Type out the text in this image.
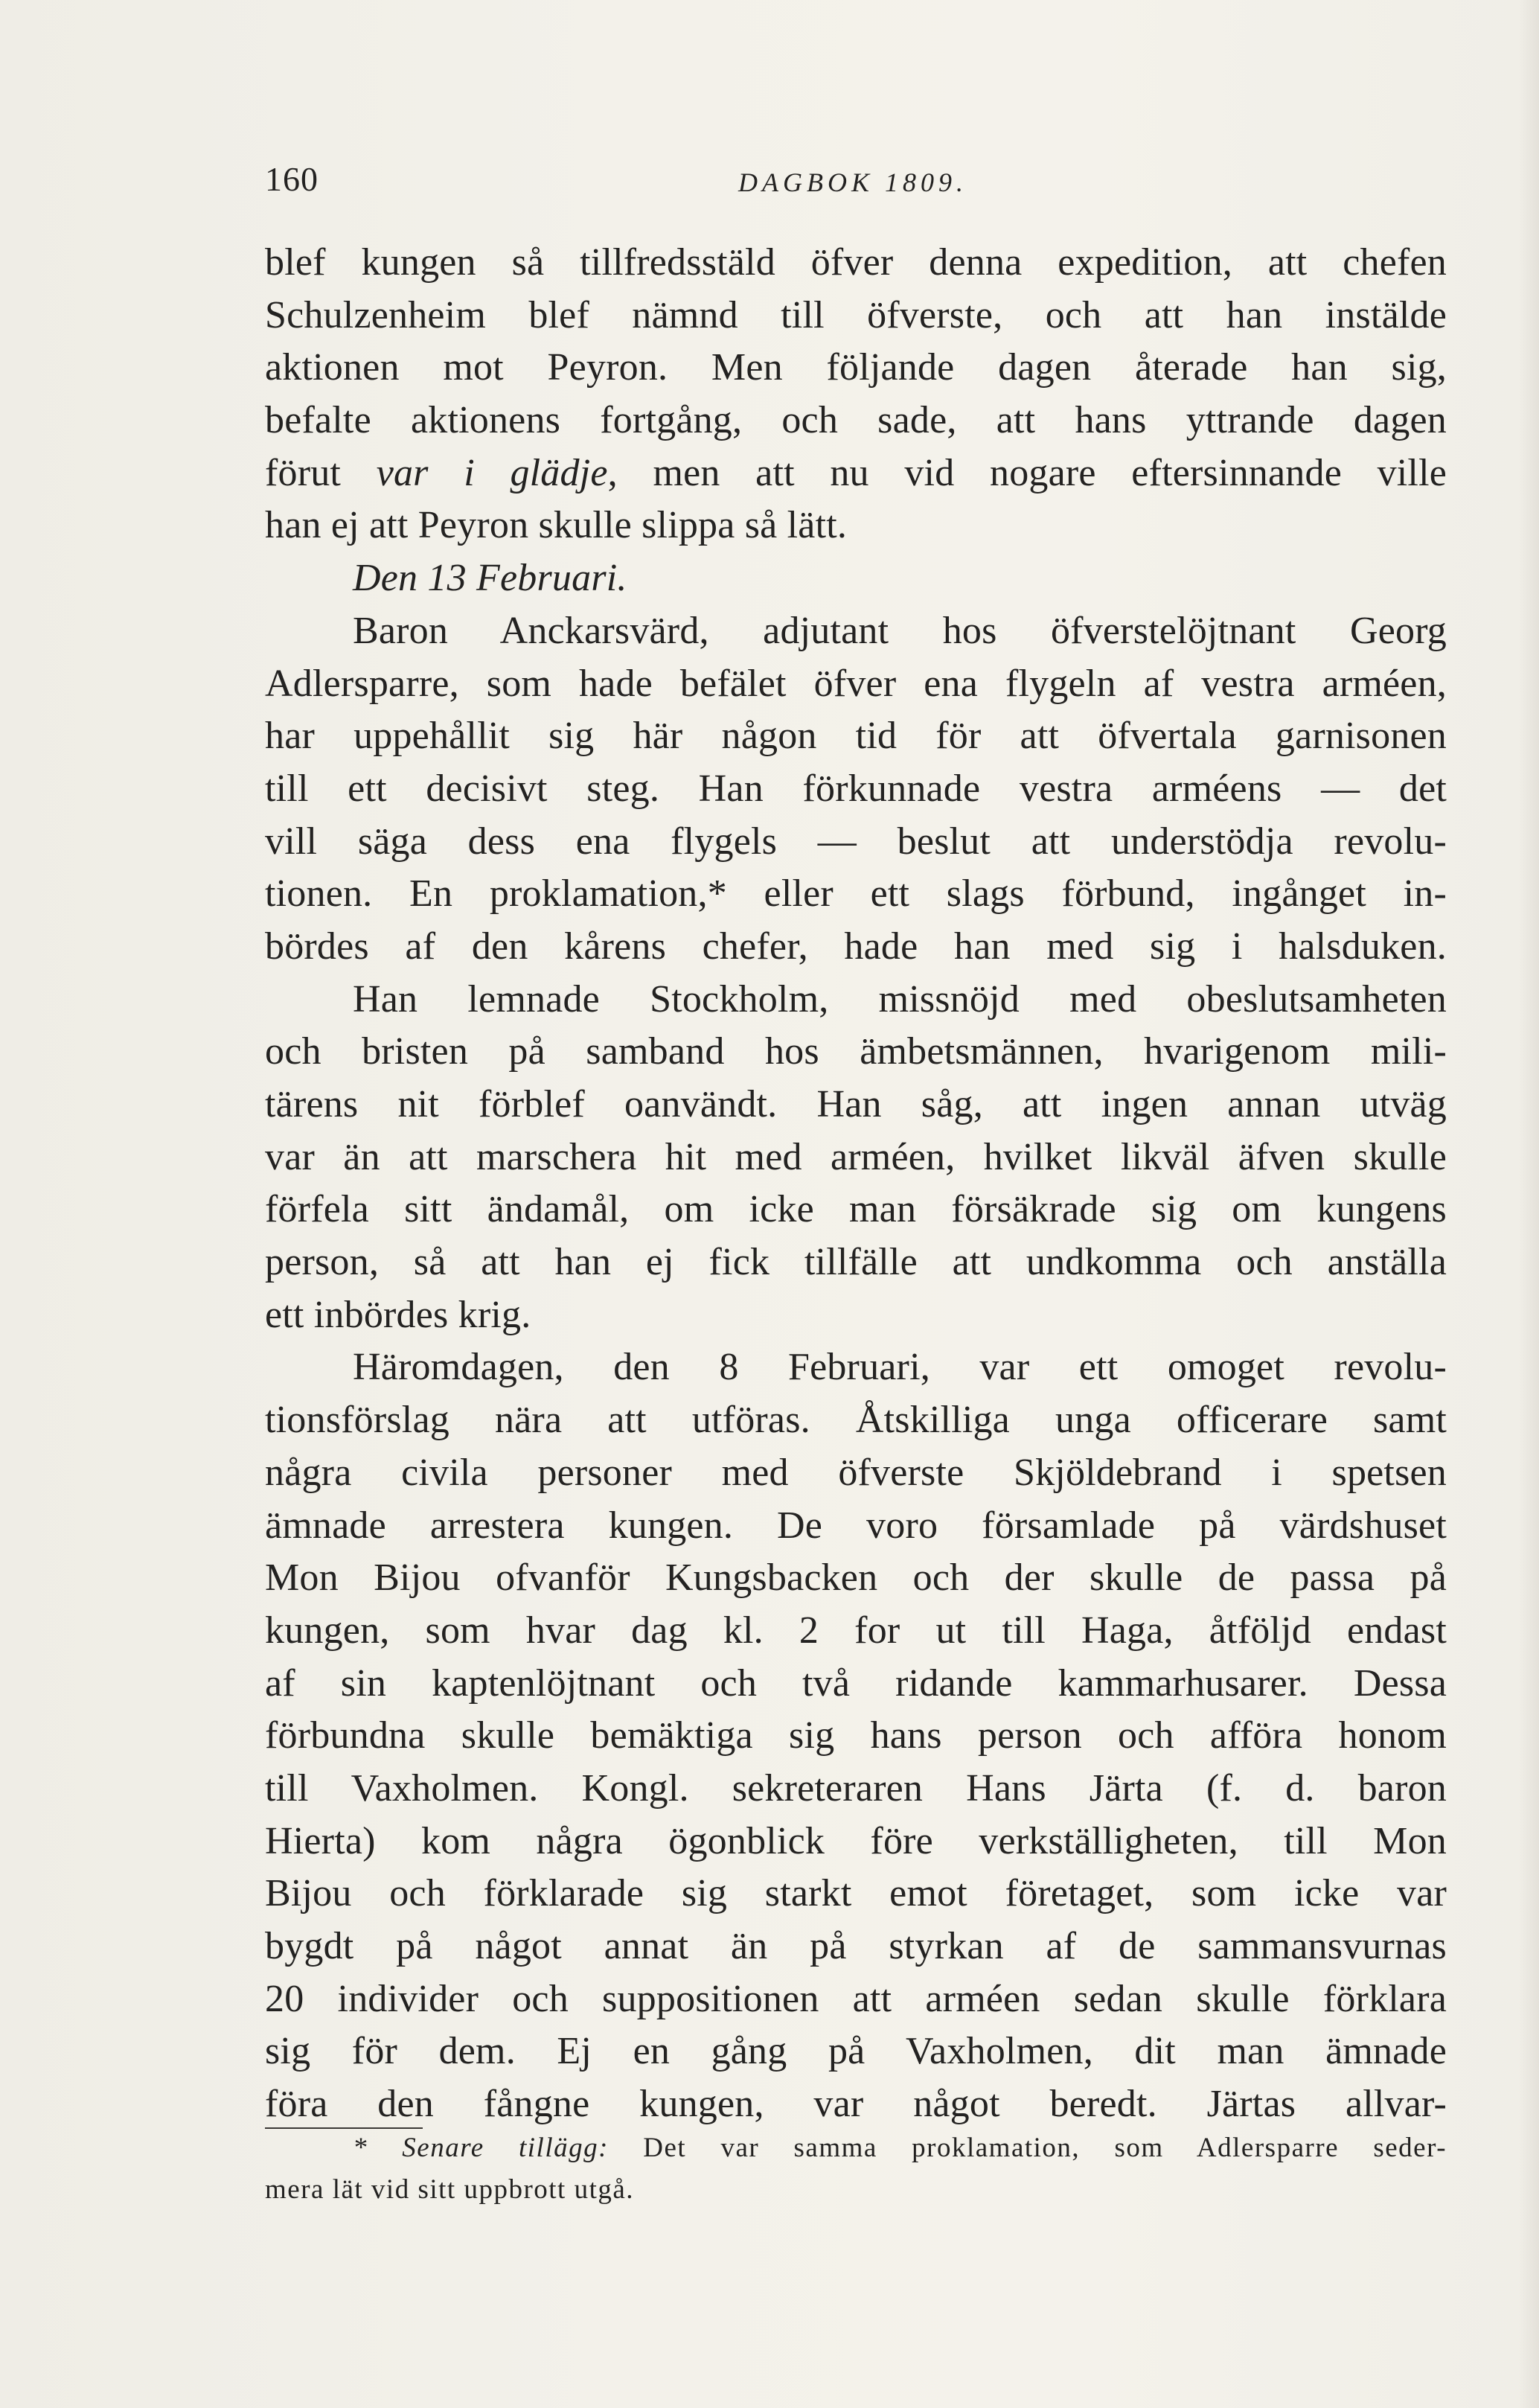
160	DAGBOK 1809.
blef kungen så tillfredsstäld öfver denna expedition, att chefen
Schulzenheim blef nämnd till öfverste, och att han instälde
aktionen mot Peyron. Men följande dagen återade han sig,
befalte aktionens fortgång, och sade, att hans yttrande dagen
förut var i glädje, men att nu vid nogare eftersinnande ville
han ej att Peyron skulle slippa så lätt.
Den 13 Februari.
Baron Anckarsvärd, adjutant hos öfverstelöjtnant Georg
Adlersparre, som hade befälet öfver ena flygeln af vestra arméen,
har uppehållit sig här någon tid för att öfvertala garnisonen
till ett decisivt steg. Han förkunnade vestra arméens — det
vill säga dess ena flygels — beslut att understödja revolu-
tionen. En proklamation,* eller ett slags förbund, ingånget in-
bördes af den kårens chefer, hade han med sig i halsduken.
Han lemnade Stockholm, missnöjd med obeslutsamheten
och bristen på samband hos ämbetsmännen, hvarigenom mili-
tärens nit förblef oanvändt. Han såg, att ingen annan utväg
var än att marschera hit med arméen, hvilket likväl äfven skulle
förfela sitt ändamål, om icke man försäkrade sig om kungens
person, så att han ej fick tillfälle att undkomma och anställa
ett inbördes krig.
Häromdagen, den 8 Februari, var ett omoget revolu-
tionsförslag nära att utföras. Åtskilliga unga officerare samt
några civila personer med öfverste Skjöldebrand i spetsen
ämnade arrestera kungen. De voro församlade på värdshuset
Mon Bijou ofvanför Kungsbacken och der skulle de passa på
kungen, som hvar dag kl. 2 for ut till Haga, åtföljd endast
af sin kaptenlöjtnant och två ridande kammarhusarer. Dessa
förbundna skulle bemäktiga sig hans person och afföra honom
till Vaxholmen. Kongl. sekreteraren Hans Järta (f. d. baron
Hierta) kom några ögonblick före verkställigheten, till Mon
Bijou och förklarade sig starkt emot företaget, som icke var
bygdt på något annat än på styrkan af de sammansvurnas
20 individer och suppositionen att arméen sedan skulle förklara
sig för dem. Ej en gång på Vaxholmen, dit man ämnade
föra den fångne kungen, var något beredt. Järtas allvar-
* Senare tillägg: Det var samma proklamation, som Adlersparre seder-
mera lät vid sitt uppbrott utgå.
